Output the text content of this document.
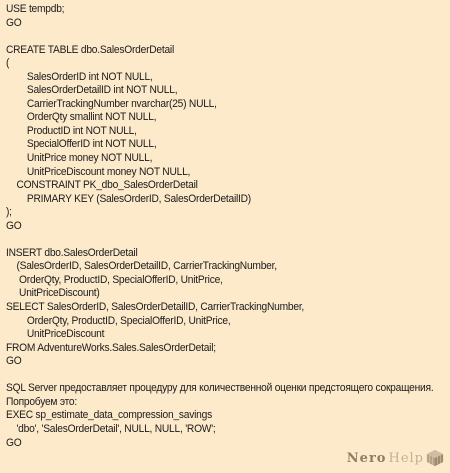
USE tempdb;
GO
CREATE TABLE dbo.SalesOrderDetail
(
SalesOrderID int NOT NULL,
SalesOrderDetailID int NOT NULL,
CarrierTrackingNumber nvarchar(25) NULL,
OrderQty smallint NOT NULL,
ProductID int NOT NULL,
SpecialOfferID int NOT NULL,
UnitPrice money NOT NULL,
UnitPriceDiscount money NOT NULL,
CONSTRAINT PK_dbo_SalesOrderDetail
PRIMARY KEY (SalesOrderID, SalesOrderDetailID)
);
GO
INSERT dbo.SalesOrderDetail
(SalesOrderID, SalesOrderDetailID, CarrierTrackingNumber,
OrderQty, ProductID, SpecialOfferID, UnitPrice,
UnitPriceDiscount)
SELECT SalesOrderID, SalesOrderDetailID, CarrierTrackingNumber,
OrderQty, ProductID, SpecialOfferID, UnitPrice,
UnitPriceDiscount
FROM AdventureWorks.Sales.SalesOrderDetail;
GO
SQL Server предоставляет процедуру для количественной оценки предстоящего сокращения.
Попробуем это:
EXEC sp_estimate_data_compression_savings
'dbo', 'SalesOrderDetail', NULL, NULL, 'ROW';
GO
Nero Help
